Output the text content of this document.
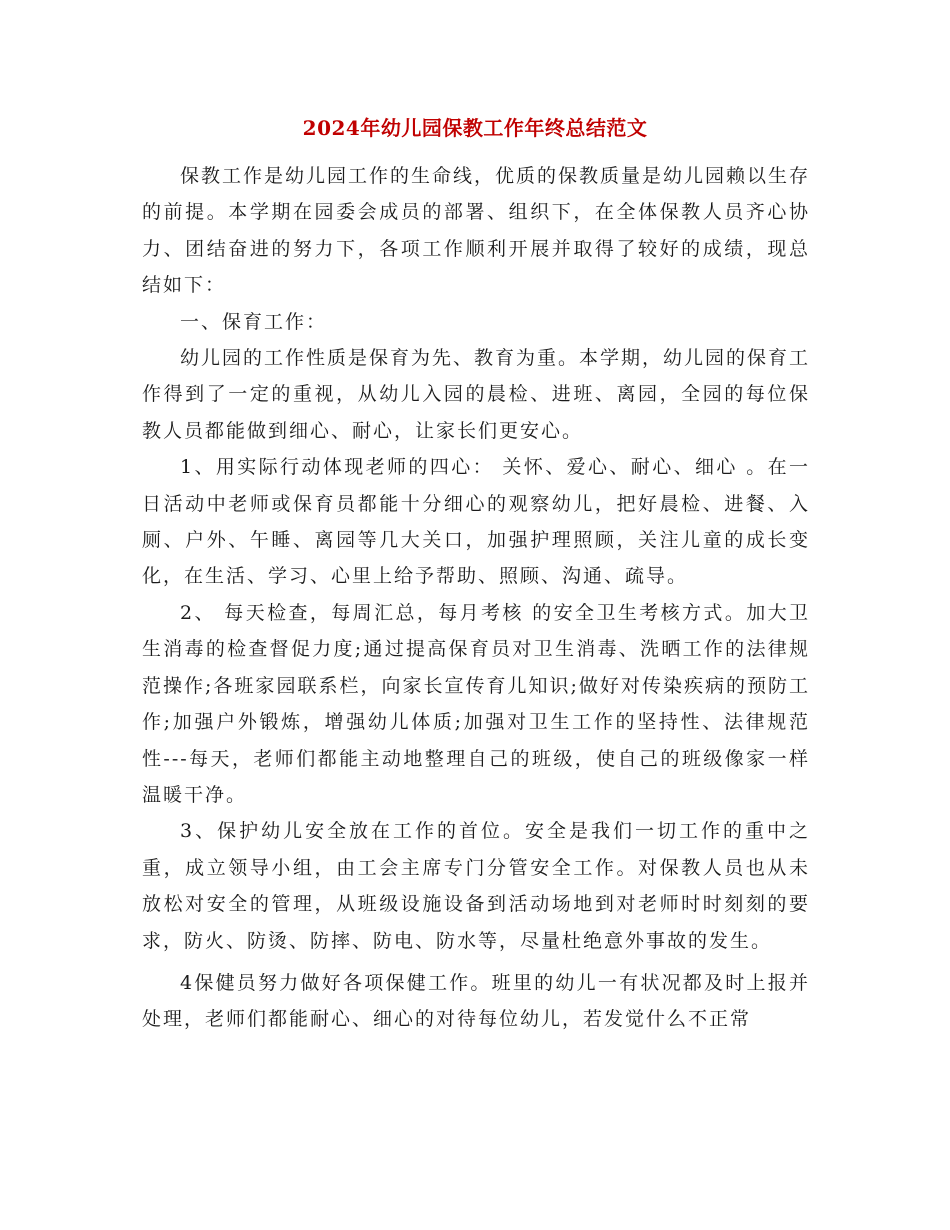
2024年幼儿园保教工作年终总结范文

保教工作是幼儿园工作的生命线，优质的保教质量是幼儿园赖以生存的前提。本学期在园委会成员的部署、组织下，在全体保教人员齐心协力、团结奋进的努力下，各项工作顺利开展并取得了较好的成绩，现总结如下：

一、保育工作：

幼儿园的工作性质是保育为先、教育为重。本学期，幼儿园的保育工作得到了一定的重视，从幼儿入园的晨检、进班、离园，全园的每位保教人员都能做到细心、耐心，让家长们更安心。

1、用实际行动体现老师的四心： 关怀、爱心、耐心、细心 。在一日活动中老师或保育员都能十分细心的观察幼儿，把好晨检、进餐、入厕、户外、午睡、离园等几大关口，加强护理照顾，关注儿童的成长变化，在生活、学习、心里上给予帮助、照顾、沟通、疏导。

2、 每天检查，每周汇总，每月考核 的安全卫生考核方式。加大卫生消毒的检查督促力度;通过提高保育员对卫生消毒、洗晒工作的法律规范操作;各班家园联系栏，向家长宣传育儿知识;做好对传染疾病的预防工作;加强户外锻炼，增强幼儿体质;加强对卫生工作的坚持性、法律规范性---每天，老师们都能主动地整理自己的班级，使自己的班级像家一样温暖干净。

3、保护幼儿安全放在工作的首位。安全是我们一切工作的重中之重，成立领导小组，由工会主席专门分管安全工作。对保教人员也从未放松对安全的管理，从班级设施设备到活动场地到对老师时时刻刻的要求，防火、防烫、防摔、防电、防水等，尽量杜绝意外事故的发生。

4保健员努力做好各项保健工作。班里的幼儿一有状况都及时上报并处理，老师们都能耐心、细心的对待每位幼儿，若发觉什么不正常
